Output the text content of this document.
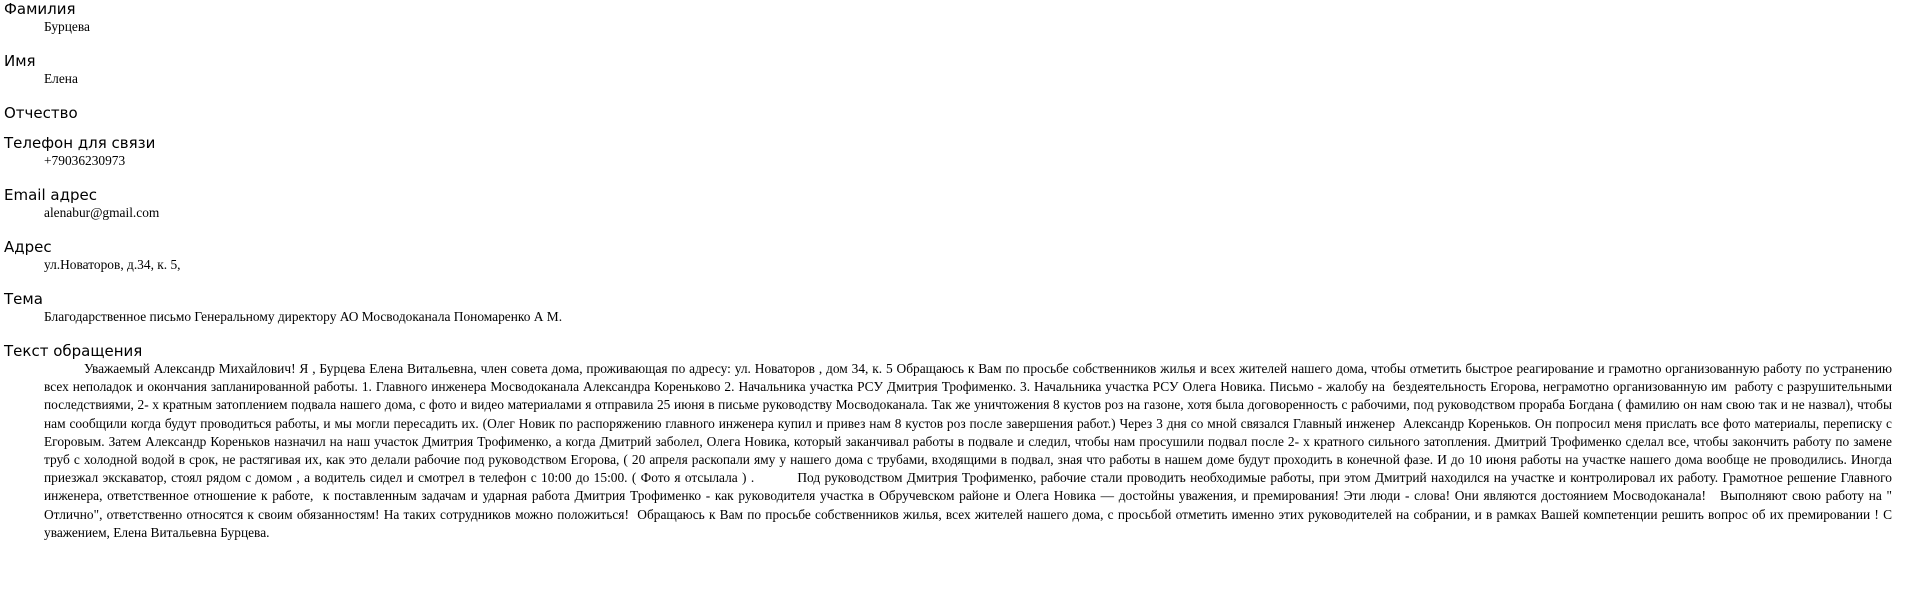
Фамилия
Бурцева
Имя
Елена
Отчество
Телефон для связи
+79036230973
Email адрес
alenabur@gmail.com
Адрес
ул.Новаторов, д.34, к. 5,
Тема
Благодарственное письмо Генеральному директору АО Мосводоканала Пономаренко А М.
Текст обращения
Уважаемый Александр Михайлович! Я , Бурцева Елена Витальевна, член совета дома, проживающая по адресу: ул. Новаторов , дом 34, к. 5 Обращаюсь к Вам по просьбе собственников жилья и всех жителей нашего дома, чтобы отметить быстрое реагирование и грамотно организованную работу по устранению всех неполадок и окончания запланированной работы. 1. Главного инженера Мосводоканала Александра Кореньково 2. Начальника участка РСУ Дмитрия Трофименко. 3. Начальника участка РСУ Олега Новика. Письмо - жалобу на  бездеятельность Егорова, неграмотно организованную им  работу с разрушительными последствиями, 2- х кратным затоплением подвала нашего дома, с фото и видео материалами я отправила 25 июня в письме руководству Мосводоканала. Так же уничтожения 8 кустов роз на газоне, хотя была договоренность с рабочими, под руководством прораба Богдана ( фамилию он нам свою так и не назвал), чтобы нам сообщили когда будут проводиться работы, и мы могли пересадить их. (Олег Новик по распоряжению главного инженера купил и привез нам 8 кустов роз после завершения работ.) Через 3 дня со мной связался Главный инженер  Александр Кореньков. Он попросил меня прислать все фото материалы, переписку с Егоровым. Затем Александр Кореньков назначил на наш участок Дмитрия Трофименко, а когда Дмитрий заболел, Олега Новика, который заканчивал работы в подвале и следил, чтобы нам просушили подвал после 2- х кратного сильного затопления. Дмитрий Трофименко сделал все, чтобы закончить работу по замене труб с холодной водой в срок, не растягивая их, как это делали рабочие под руководством Егорова, ( 20 апреля раскопали яму у нашего дома с трубами, входящими в подвал, зная что работы в нашем доме будут проходить в конечной фазе. И до 10 июня работы на участке нашего дома вообще не проводились. Иногда приезжал экскаватор, стоял рядом с домом , а водитель сидел и смотрел в телефон с 10:00 до 15:00. ( Фото я отсылала ) .          Под руководством Дмитрия Трофименко, рабочие стали проводить необходимые работы, при этом Дмитрий находился на участке и контролировал их работу. Грамотное решение Главного инженера, ответственное отношение к работе,  к поставленным задачам и ударная работа Дмитрия Трофименко - как руководителя участка в Обручевском районе и Олега Новика — достойны уважения, и премирования! Эти люди - слова! Они являются достоянием Мосводоканала!   Выполняют свою работу на " Отлично", ответственно относятся к своим обязанностям! На таких сотрудников можно положиться!  Обращаюсь к Вам по просьбе собственников жилья, всех жителей нашего дома, с просьбой отметить именно этих руководителей на собрании, и в рамках Вашей компетенции решить вопрос об их премировании ! С уважением, Елена Витальевна Бурцева.
